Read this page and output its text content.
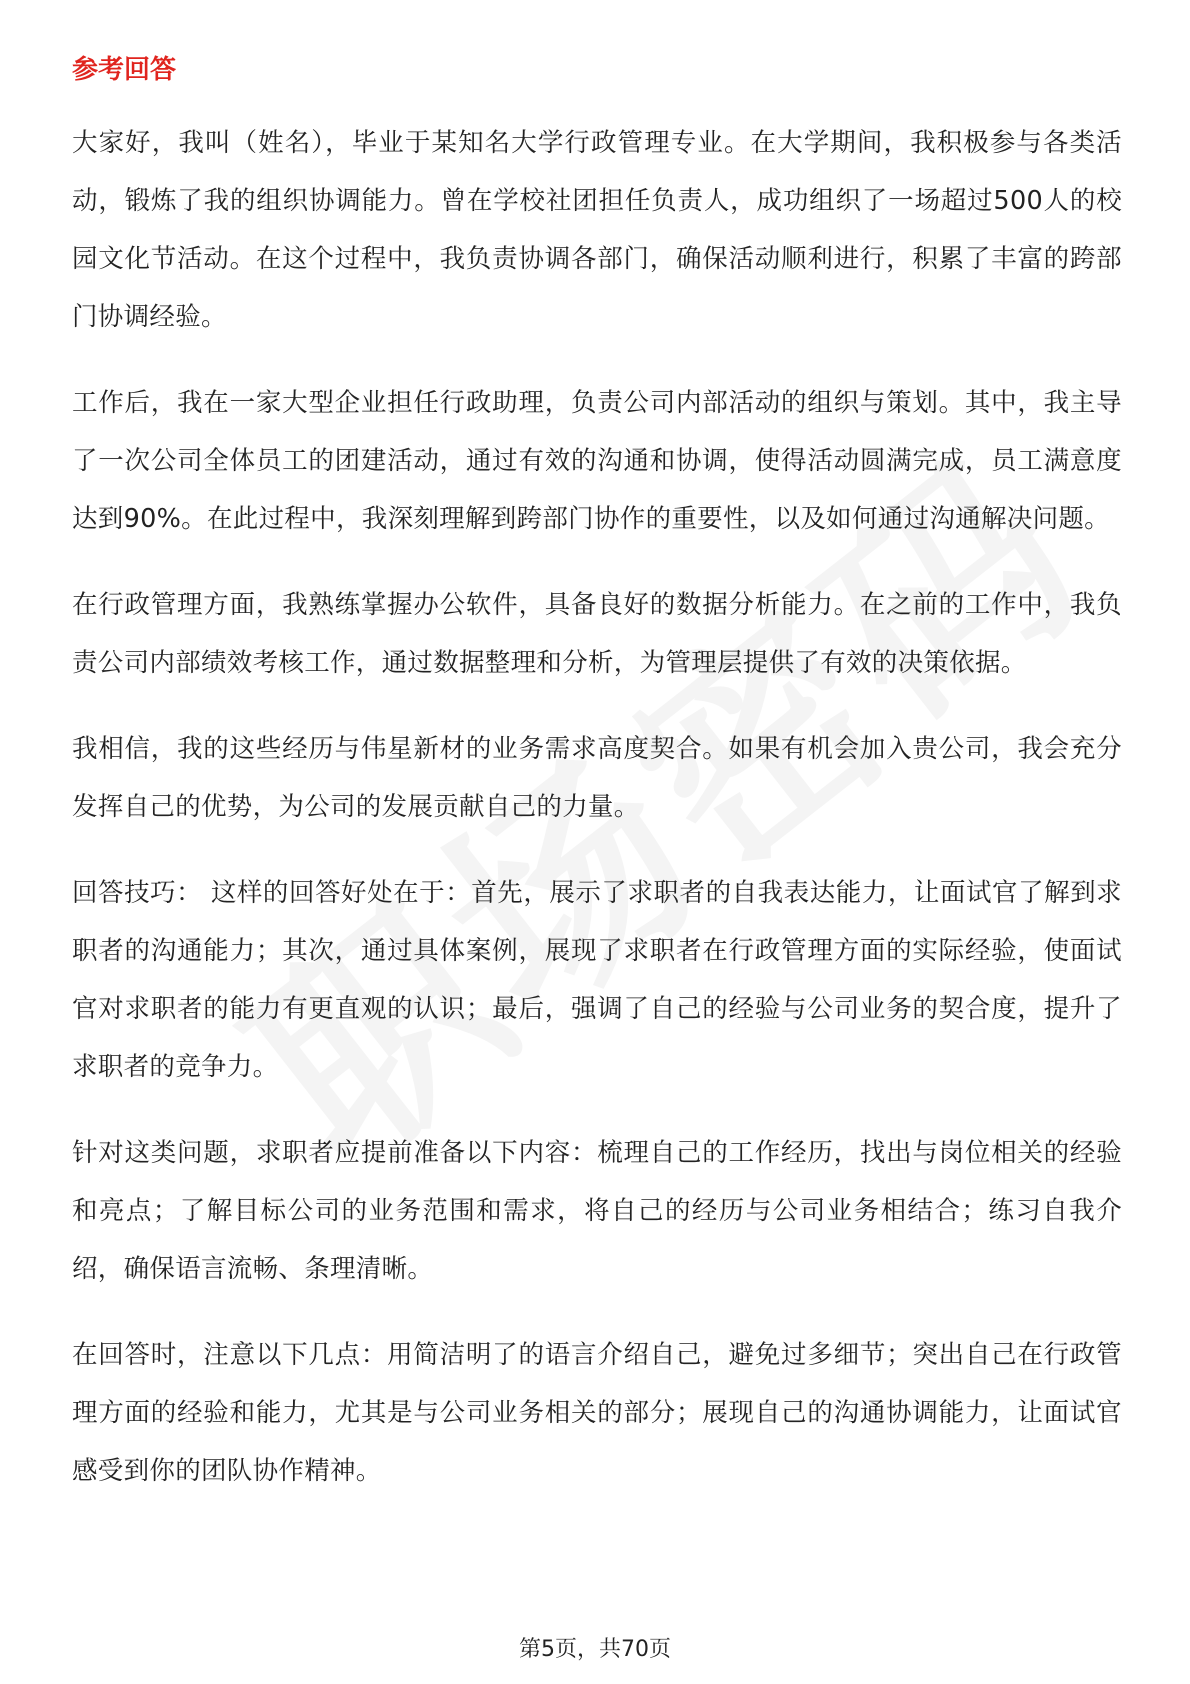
参考回答

大家好，我叫（姓名），毕业于某知名大学行政管理专业。在大学期间，我积极参与各类活动，锻炼了我的组织协调能力。曾在学校社团担任负责人，成功组织了一场超过500人的校园文化节活动。在这个过程中，我负责协调各部门，确保活动顺利进行，积累了丰富的跨部门协调经验。

工作后，我在一家大型企业担任行政助理，负责公司内部活动的组织与策划。其中，我主导了一次公司全体员工的团建活动，通过有效的沟通和协调，使得活动圆满完成，员工满意度达到90%。在此过程中，我深刻理解到跨部门协作的重要性，以及如何通过沟通解决问题。

在行政管理方面，我熟练掌握办公软件，具备良好的数据分析能力。在之前的工作中，我负责公司内部绩效考核工作，通过数据整理和分析，为管理层提供了有效的决策依据。

我相信，我的这些经历与伟星新材的业务需求高度契合。如果有机会加入贵公司，我会充分发挥自己的优势，为公司的发展贡献自己的力量。

回答技巧： 这样的回答好处在于：首先，展示了求职者的自我表达能力，让面试官了解到求职者的沟通能力；其次，通过具体案例，展现了求职者在行政管理方面的实际经验，使面试官对求职者的能力有更直观的认识；最后，强调了自己的经验与公司业务的契合度，提升了求职者的竞争力。

针对这类问题，求职者应提前准备以下内容：梳理自己的工作经历，找出与岗位相关的经验和亮点；了解目标公司的业务范围和需求，将自己的经历与公司业务相结合；练习自我介绍，确保语言流畅、条理清晰。

在回答时，注意以下几点：用简洁明了的语言介绍自己，避免过多细节；突出自己在行政管理方面的经验和能力，尤其是与公司业务相关的部分；展现自己的沟通协调能力，让面试官感受到你的团队协作精神。

第5页，共70页
